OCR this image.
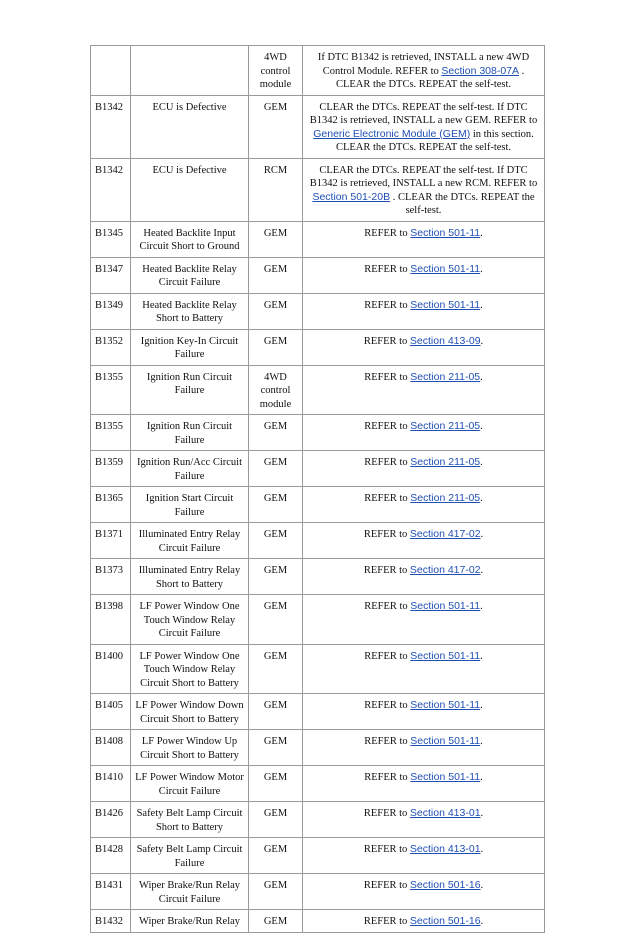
		4WD control module	If DTC B1342 is retrieved, INSTALL a new 4WD Control Module. REFER to Section 308-07A . CLEAR the DTCs. REPEAT the self-test.
B1342	ECU is Defective	GEM	CLEAR the DTCs. REPEAT the self-test. If DTC B1342 is retrieved, INSTALL a new GEM. REFER to Generic Electronic Module (GEM) in this section. CLEAR the DTCs. REPEAT the self-test.
B1342	ECU is Defective	RCM	CLEAR the DTCs. REPEAT the self-test. If DTC B1342 is retrieved, INSTALL a new RCM. REFER to Section 501-20B . CLEAR the DTCs. REPEAT the self-test.
B1345	Heated Backlite Input Circuit Short to Ground	GEM	REFER to Section 501-11.
B1347	Heated Backlite Relay Circuit Failure	GEM	REFER to Section 501-11.
B1349	Heated Backlite Relay Short to Battery	GEM	REFER to Section 501-11.
B1352	Ignition Key-In Circuit Failure	GEM	REFER to Section 413-09.
B1355	Ignition Run Circuit Failure	4WD control module	REFER to Section 211-05.
B1355	Ignition Run Circuit Failure	GEM	REFER to Section 211-05.
B1359	Ignition Run/Acc Circuit Failure	GEM	REFER to Section 211-05.
B1365	Ignition Start Circuit Failure	GEM	REFER to Section 211-05.
B1371	Illuminated Entry Relay Circuit Failure	GEM	REFER to Section 417-02.
B1373	Illuminated Entry Relay Short to Battery	GEM	REFER to Section 417-02.
B1398	LF Power Window One Touch Window Relay Circuit Failure	GEM	REFER to Section 501-11.
B1400	LF Power Window One Touch Window Relay Circuit Short to Battery	GEM	REFER to Section 501-11.
B1405	LF Power Window Down Circuit Short to Battery	GEM	REFER to Section 501-11.
B1408	LF Power Window Up Circuit Short to Battery	GEM	REFER to Section 501-11.
B1410	LF Power Window Motor Circuit Failure	GEM	REFER to Section 501-11.
B1426	Safety Belt Lamp Circuit Short to Battery	GEM	REFER to Section 413-01.
B1428	Safety Belt Lamp Circuit Failure	GEM	REFER to Section 413-01.
B1431	Wiper Brake/Run Relay Circuit Failure	GEM	REFER to Section 501-16.
B1432	Wiper Brake/Run Relay	GEM	REFER to Section 501-16.
